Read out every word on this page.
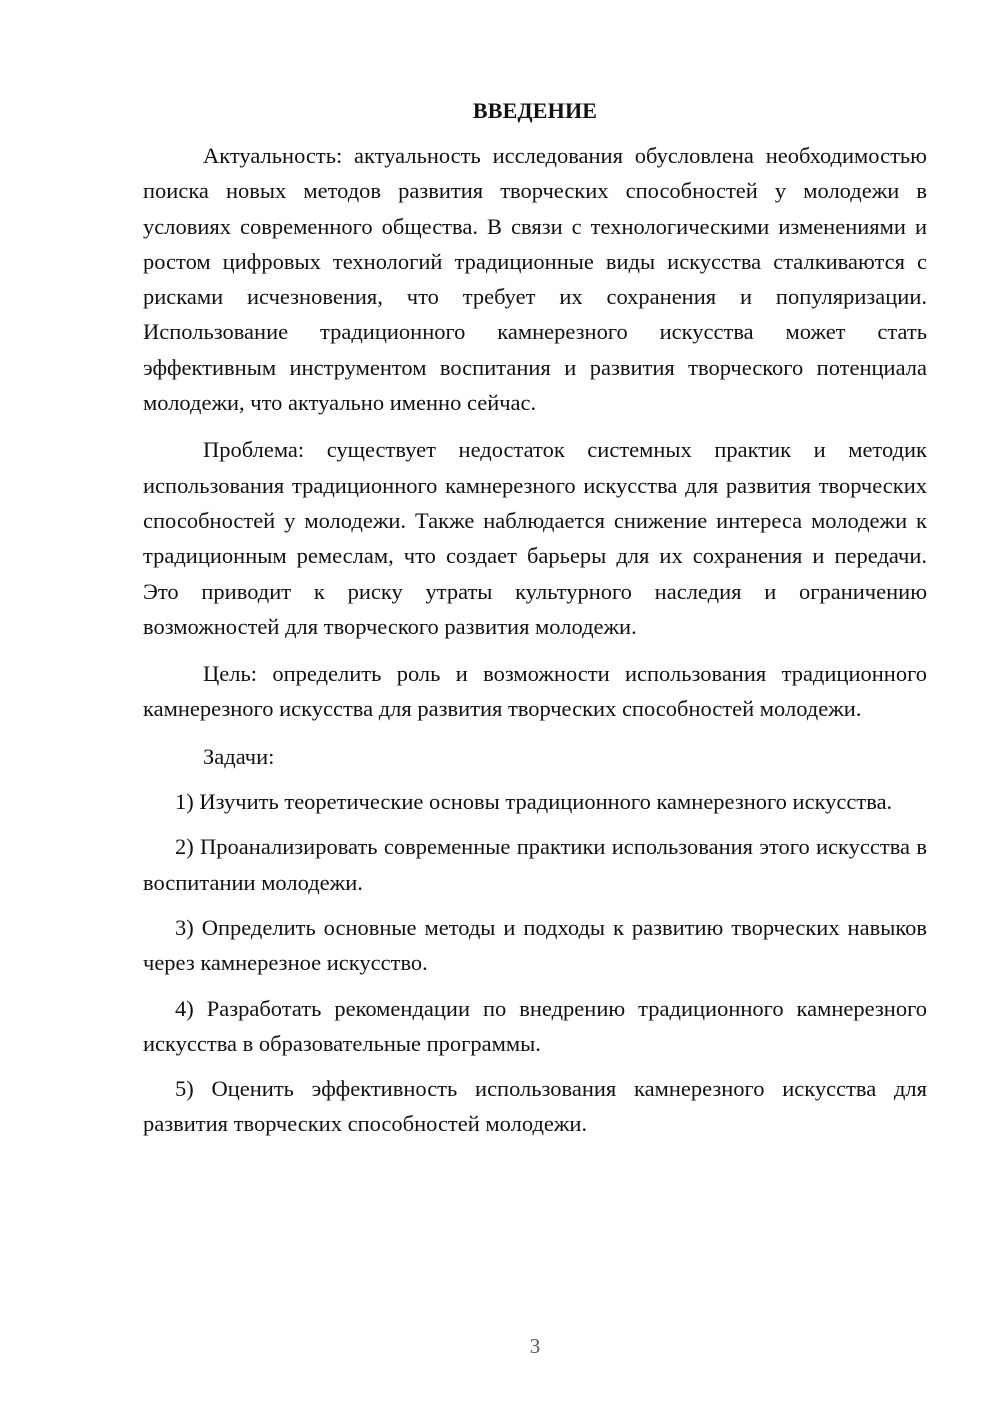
ВВЕДЕНИЕ

Актуальность: актуальность исследования обусловлена необходимостью поиска новых методов развития творческих способностей у молодежи в условиях современного общества. В связи с технологическими изменениями и ростом цифровых технологий традиционные виды искусства сталкиваются с рисками исчезновения, что требует их сохранения и популяризации. Использование традиционного камнерезного искусства может стать эффективным инструментом воспитания и развития творческого потенциала молодежи, что актуально именно сейчас.

Проблема: существует недостаток системных практик и методик использования традиционного камнерезного искусства для развития творческих способностей у молодежи. Также наблюдается снижение интереса молодежи к традиционным ремеслам, что создает барьеры для их сохранения и передачи. Это приводит к риску утраты культурного наследия и ограничению возможностей для творческого развития молодежи.

Цель: определить роль и возможности использования традиционного камнерезного искусства для развития творческих способностей молодежи.

Задачи:

1) Изучить теоретические основы традиционного камнерезного искусства.

2) Проанализировать современные практики использования этого искусства в воспитании молодежи.

3) Определить основные методы и подходы к развитию творческих навыков через камнерезное искусство.

4) Разработать рекомендации по внедрению традиционного камнерезного искусства в образовательные программы.

5) Оценить эффективность использования камнерезного искусства для развития творческих способностей молодежи.

3
